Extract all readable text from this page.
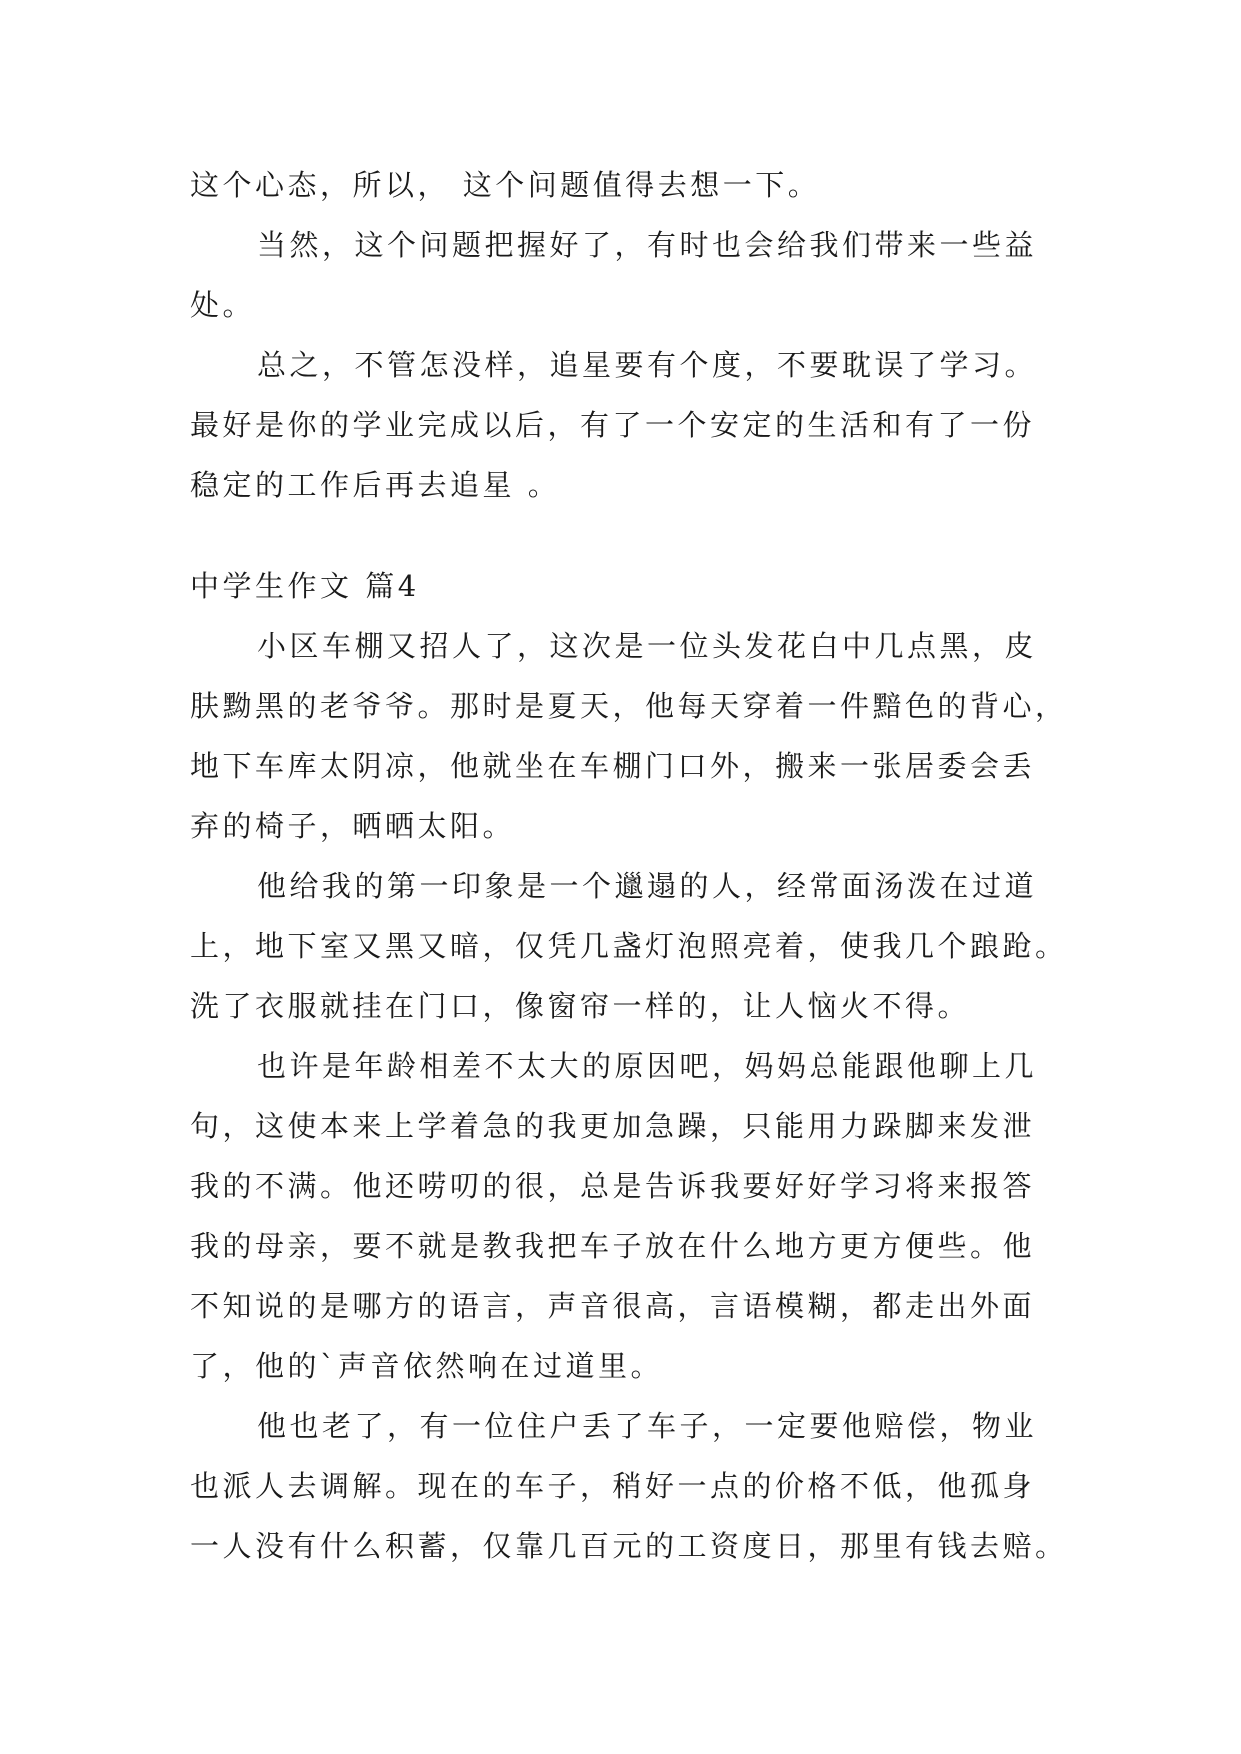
这个心态，所以， 这个问题值得去想一下。
当然，这个问题把握好了，有时也会给我们带来一些益
处。
总之，不管怎没样，追星要有个度，不要耽误了学习。
最好是你的学业完成以后，有了一个安定的生活和有了一份
稳定的工作后再去追星 。
中学生作文 篇4
小区车棚又招人了，这次是一位头发花白中几点黑，皮
肤黝黑的老爷爷。那时是夏天，他每天穿着一件黯色的背心，
地下车库太阴凉，他就坐在车棚门口外，搬来一张居委会丢
弃的椅子，晒晒太阳。
他给我的第一印象是一个邋遢的人，经常面汤泼在过道
上，地下室又黑又暗，仅凭几盏灯泡照亮着，使我几个踉跄。
洗了衣服就挂在门口，像窗帘一样的，让人恼火不得。
也许是年龄相差不太大的原因吧，妈妈总能跟他聊上几
句，这使本来上学着急的我更加急躁，只能用力跺脚来发泄
我的不满。他还唠叨的很，总是告诉我要好好学习将来报答
我的母亲，要不就是教我把车子放在什么地方更方便些。他
不知说的是哪方的语言，声音很高，言语模糊，都走出外面
了，他的`声音依然响在过道里。
他也老了，有一位住户丢了车子，一定要他赔偿，物业
也派人去调解。现在的车子，稍好一点的价格不低，他孤身
一人没有什么积蓄，仅靠几百元的工资度日，那里有钱去赔。
